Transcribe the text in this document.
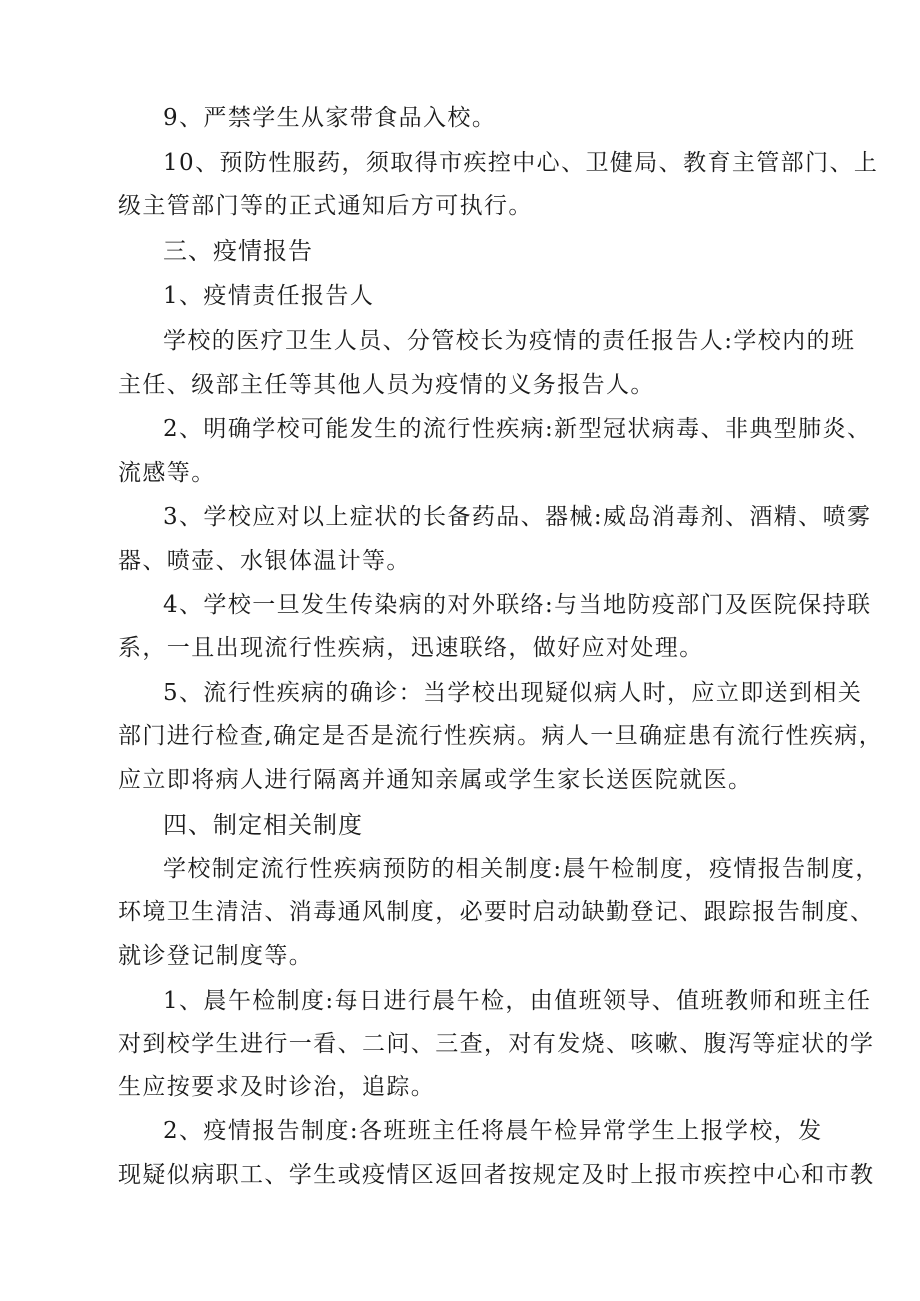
9、严禁学生从家带食品入校。
10、预防性服药，须取得市疾控中心、卫健局、教育主管部门、上
级主管部门等的正式通知后方可执行。
三、疫情报告
1、疫情责任报告人
学校的医疗卫生人员、分管校长为疫情的责任报告人:学校内的班
主任、级部主任等其他人员为疫情的义务报告人。
2、明确学校可能发生的流行性疾病:新型冠状病毒、非典型肺炎、
流感等。
3、学校应对以上症状的长备药品、器械:威岛消毒剂、酒精、喷雾
器、喷壶、水银体温计等。
4、学校一旦发生传染病的对外联络:与当地防疫部门及医院保持联
系，一且出现流行性疾病，迅速联络，做好应对处理。
5、流行性疾病的确诊：当学校出现疑似病人时，应立即送到相关
部门进行检查,确定是否是流行性疾病。病人一旦确症患有流行性疾病，
应立即将病人进行隔离并通知亲属或学生家长送医院就医。
四、制定相关制度
学校制定流行性疾病预防的相关制度:晨午检制度，疫情报告制度，
环境卫生清洁、消毒通风制度，必要时启动缺勤登记、跟踪报告制度、
就诊登记制度等。
1、晨午检制度:每日进行晨午检，由值班领导、值班教师和班主任
对到校学生进行一看、二问、三查，对有发烧、咳嗽、腹泻等症状的学
生应按要求及时诊治，追踪。
2、疫情报告制度:各班班主任将晨午检异常学生上报学校，发
现疑似病职工、学生或疫情区返回者按规定及时上报市疾控中心和市教
